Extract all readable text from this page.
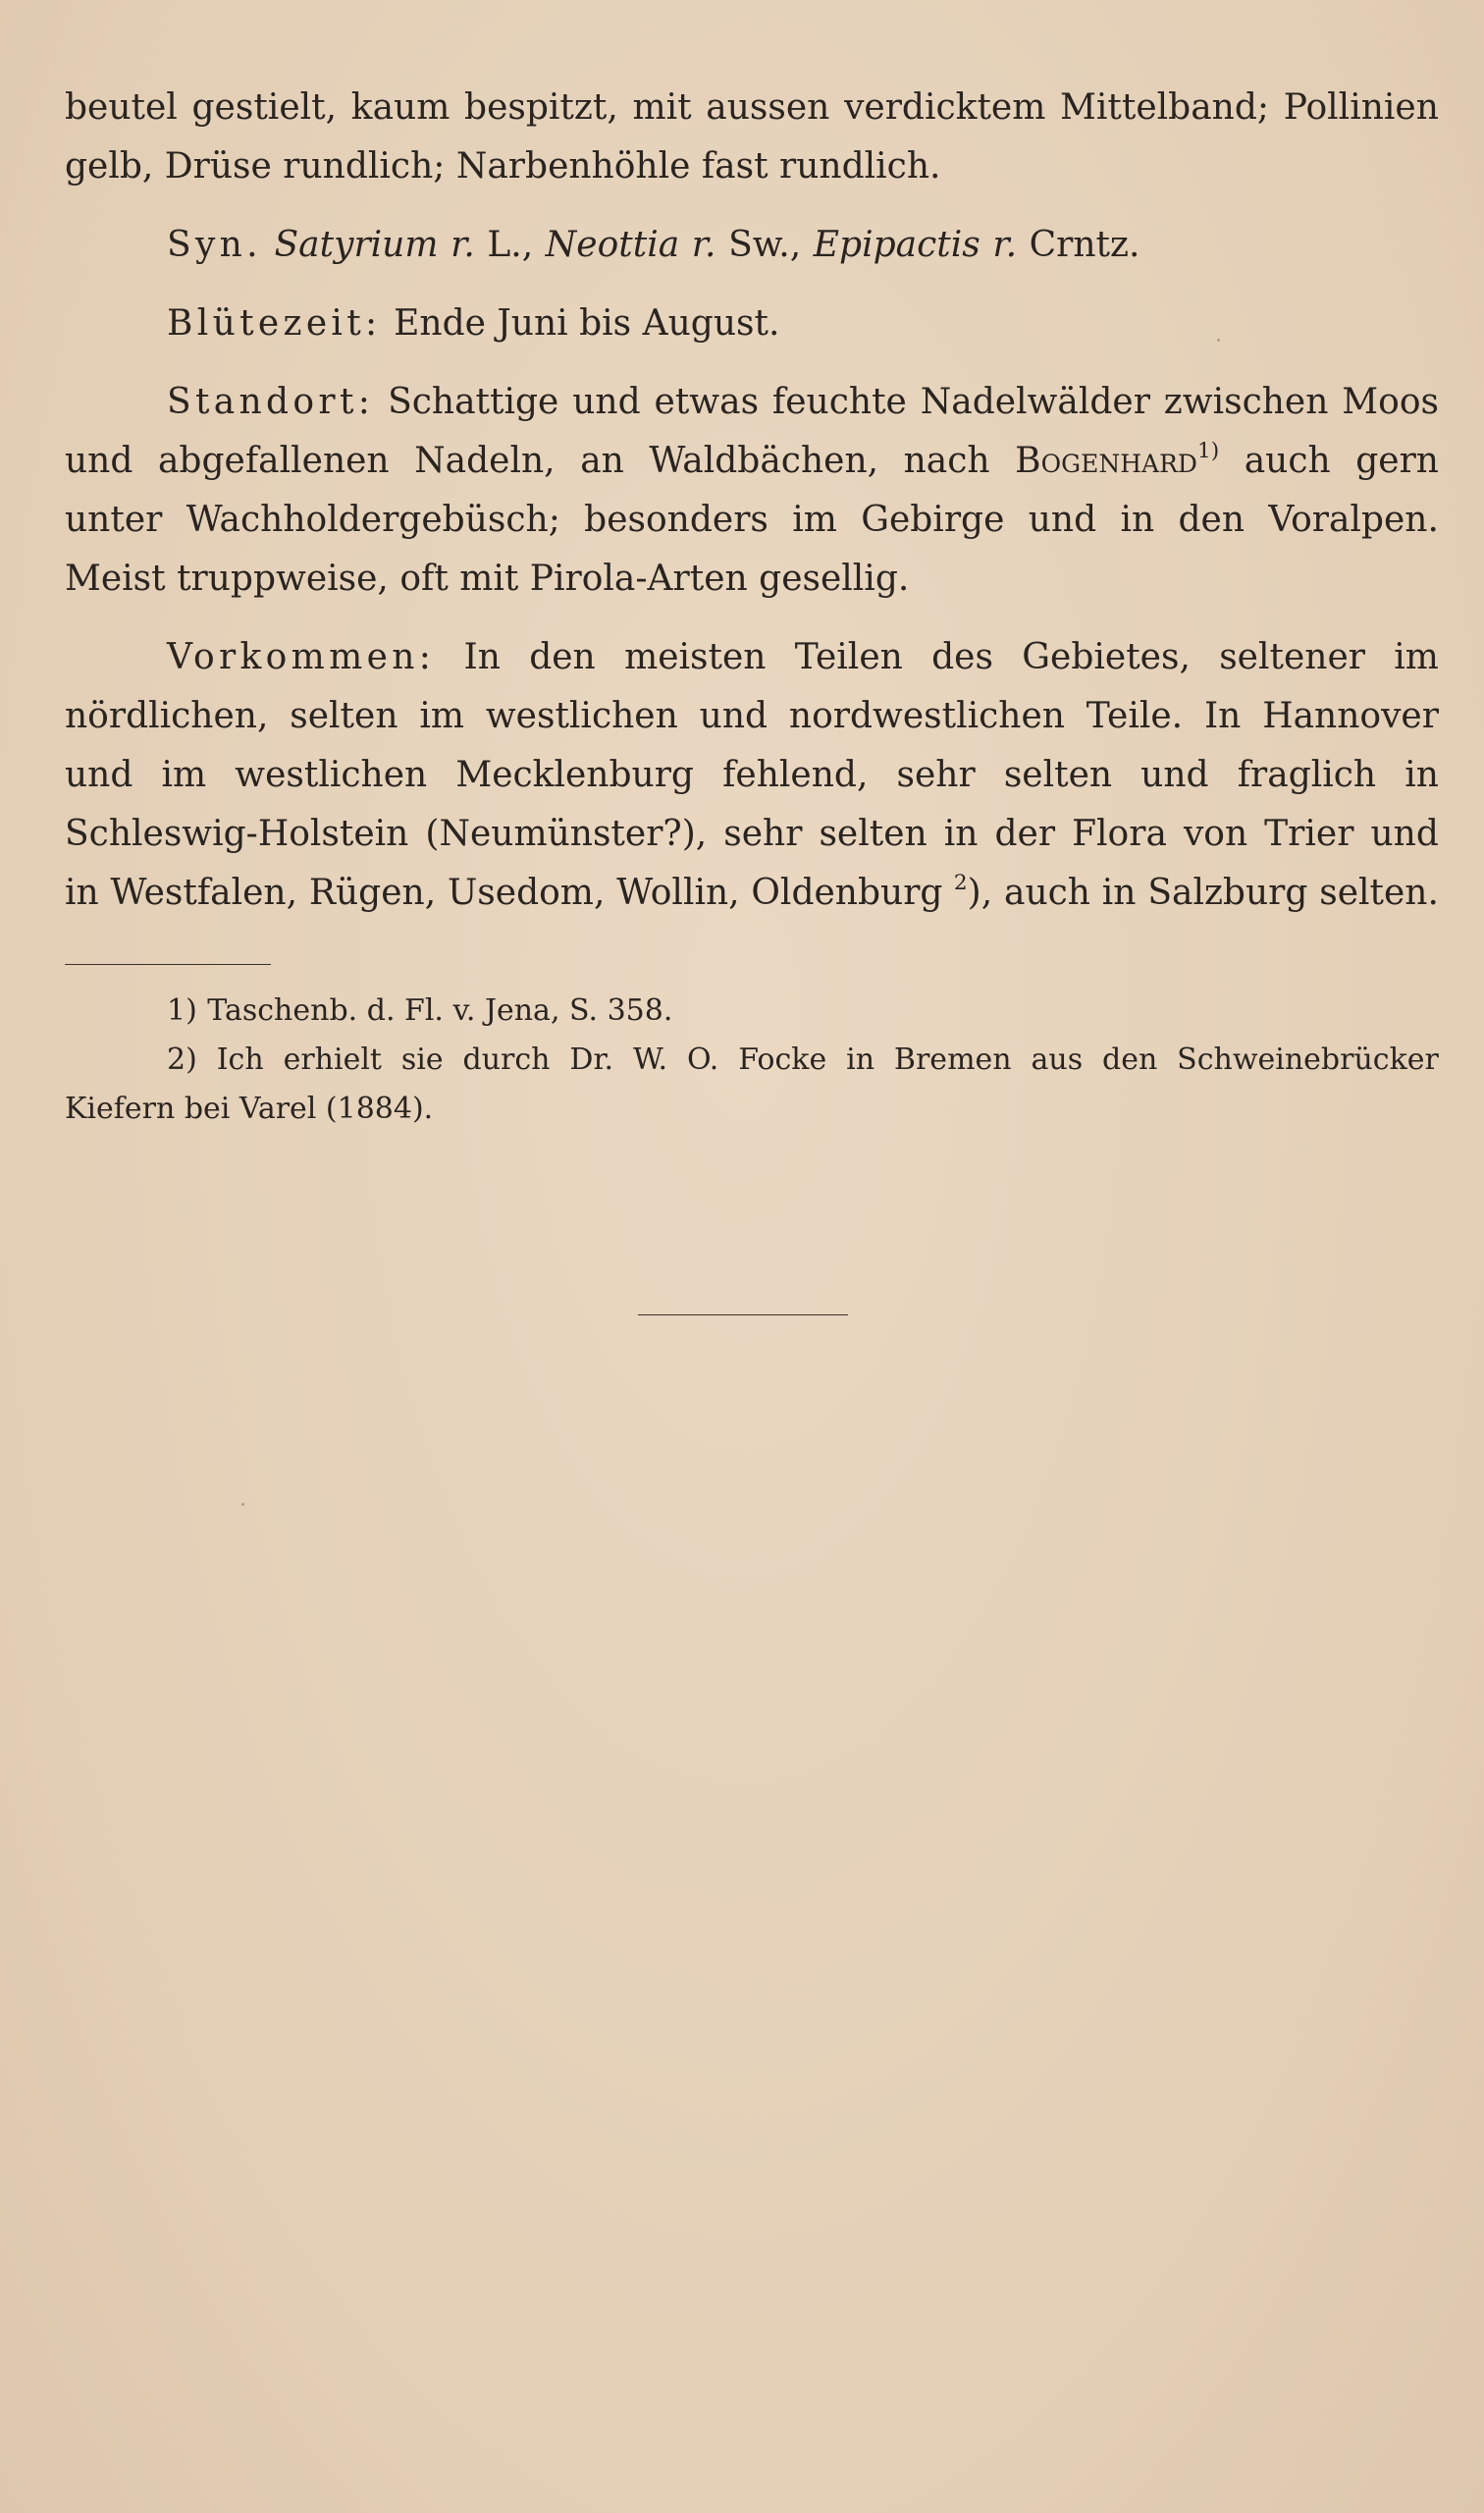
beutel gestielt, kaum bespitzt, mit aussen verdicktem Mittelband; Pollinien
gelb, Drüse rundlich; Narbenhöhle fast rundlich.
Syn. Satyrium r. L., Neottia r. Sw., Epipactis r. Crntz.
Blütezeit: Ende Juni bis August.
Standort: Schattige und etwas feuchte Nadelwälder zwischen Moos
und abgefallenen Nadeln, an Waldbächen, nach Bogenhard$^{1)}$ auch gern
unter Wachholdergebüsch; besonders im Gebirge und in den Voralpen.
Meist truppweise, oft mit Pirola-Arten gesellig.
Vorkommen: In den meisten Teilen des Gebietes, seltener im
nördlichen, selten im westlichen und nordwestlichen Teile. In Hannover
und im westlichen Mecklenburg fehlend, sehr selten und fraglich in
Schleswig-Holstein (Neumünster?), sehr selten in der Flora von Trier und
in Westfalen, Rügen, Usedom, Wollin, Oldenburg $^2$), auch in Salzburg selten.
1) Taschenb. d. Fl. v. Jena, S. 358.
2) Ich erhielt sie durch Dr. W. O. Focke in Bremen aus den Schweinebrücker
Kiefern bei Varel (1884).
